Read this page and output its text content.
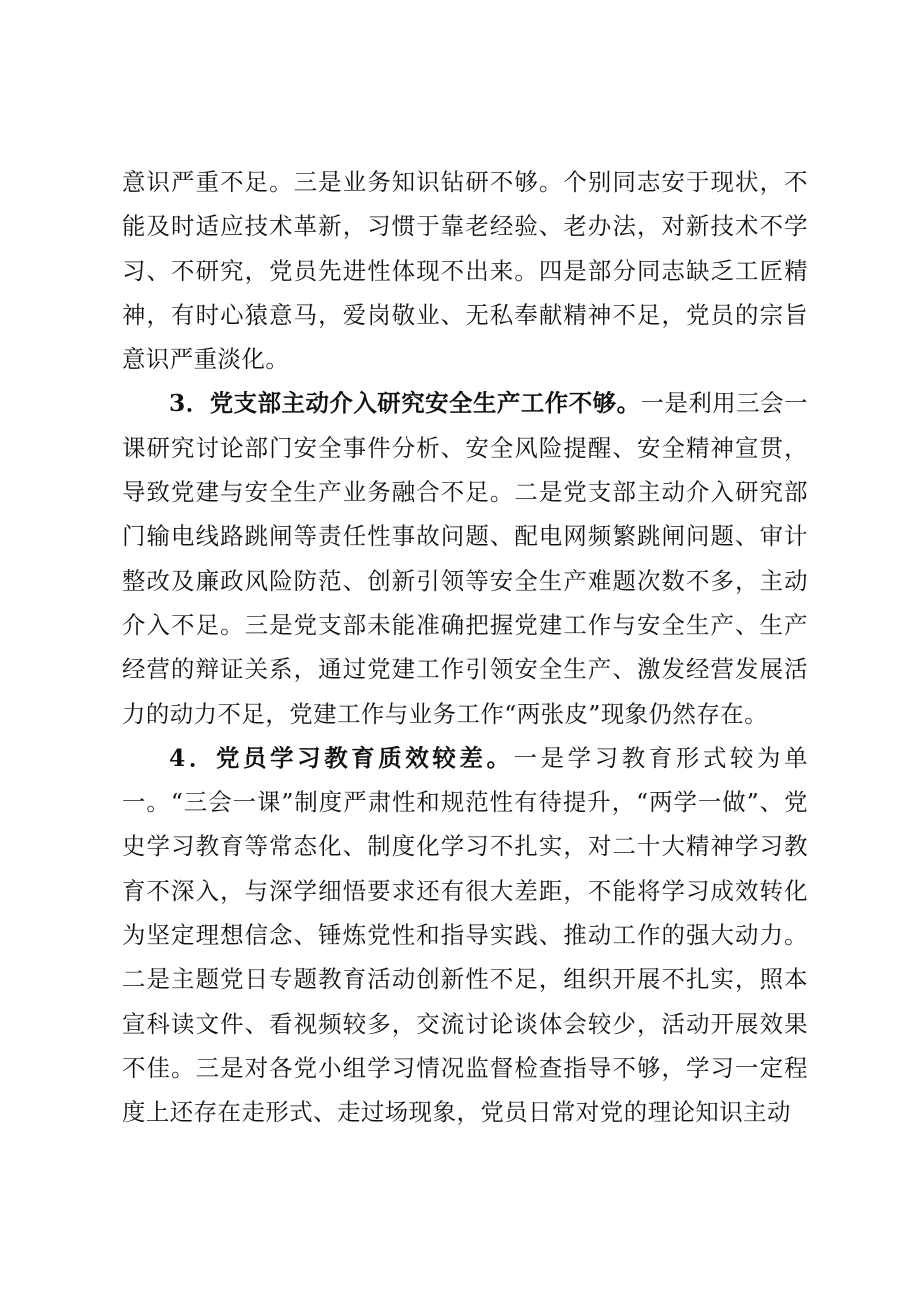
意识严重不足。三是业务知识钻研不够。个别同志安于现状，不能及时适应技术革新，习惯于靠老经验、老办法，对新技术不学习、不研究，党员先进性体现不出来。四是部分同志缺乏工匠精神，有时心猿意马，爱岗敬业、无私奉献精神不足，党员的宗旨意识严重淡化。

3．党支部主动介入研究安全生产工作不够。一是利用三会一课研究讨论部门安全事件分析、安全风险提醒、安全精神宣贯，导致党建与安全生产业务融合不足。二是党支部主动介入研究部门输电线路跳闸等责任性事故问题、配电网频繁跳闸问题、审计整改及廉政风险防范、创新引领等安全生产难题次数不多，主动介入不足。三是党支部未能准确把握党建工作与安全生产、生产经营的辩证关系，通过党建工作引领安全生产、激发经营发展活力的动力不足，党建工作与业务工作“两张皮”现象仍然存在。

4．党员学习教育质效较差。一是学习教育形式较为单一。“三会一课”制度严肃性和规范性有待提升，“两学一做”、党史学习教育等常态化、制度化学习不扎实，对二十大精神学习教育不深入，与深学细悟要求还有很大差距，不能将学习成效转化为坚定理想信念、锤炼党性和指导实践、推动工作的强大动力。二是主题党日专题教育活动创新性不足，组织开展不扎实，照本宣科读文件、看视频较多，交流讨论谈体会较少，活动开展效果不佳。三是对各党小组学习情况监督检查指导不够，学习一定程度上还存在走形式、走过场现象，党员日常对党的理论知识主动
